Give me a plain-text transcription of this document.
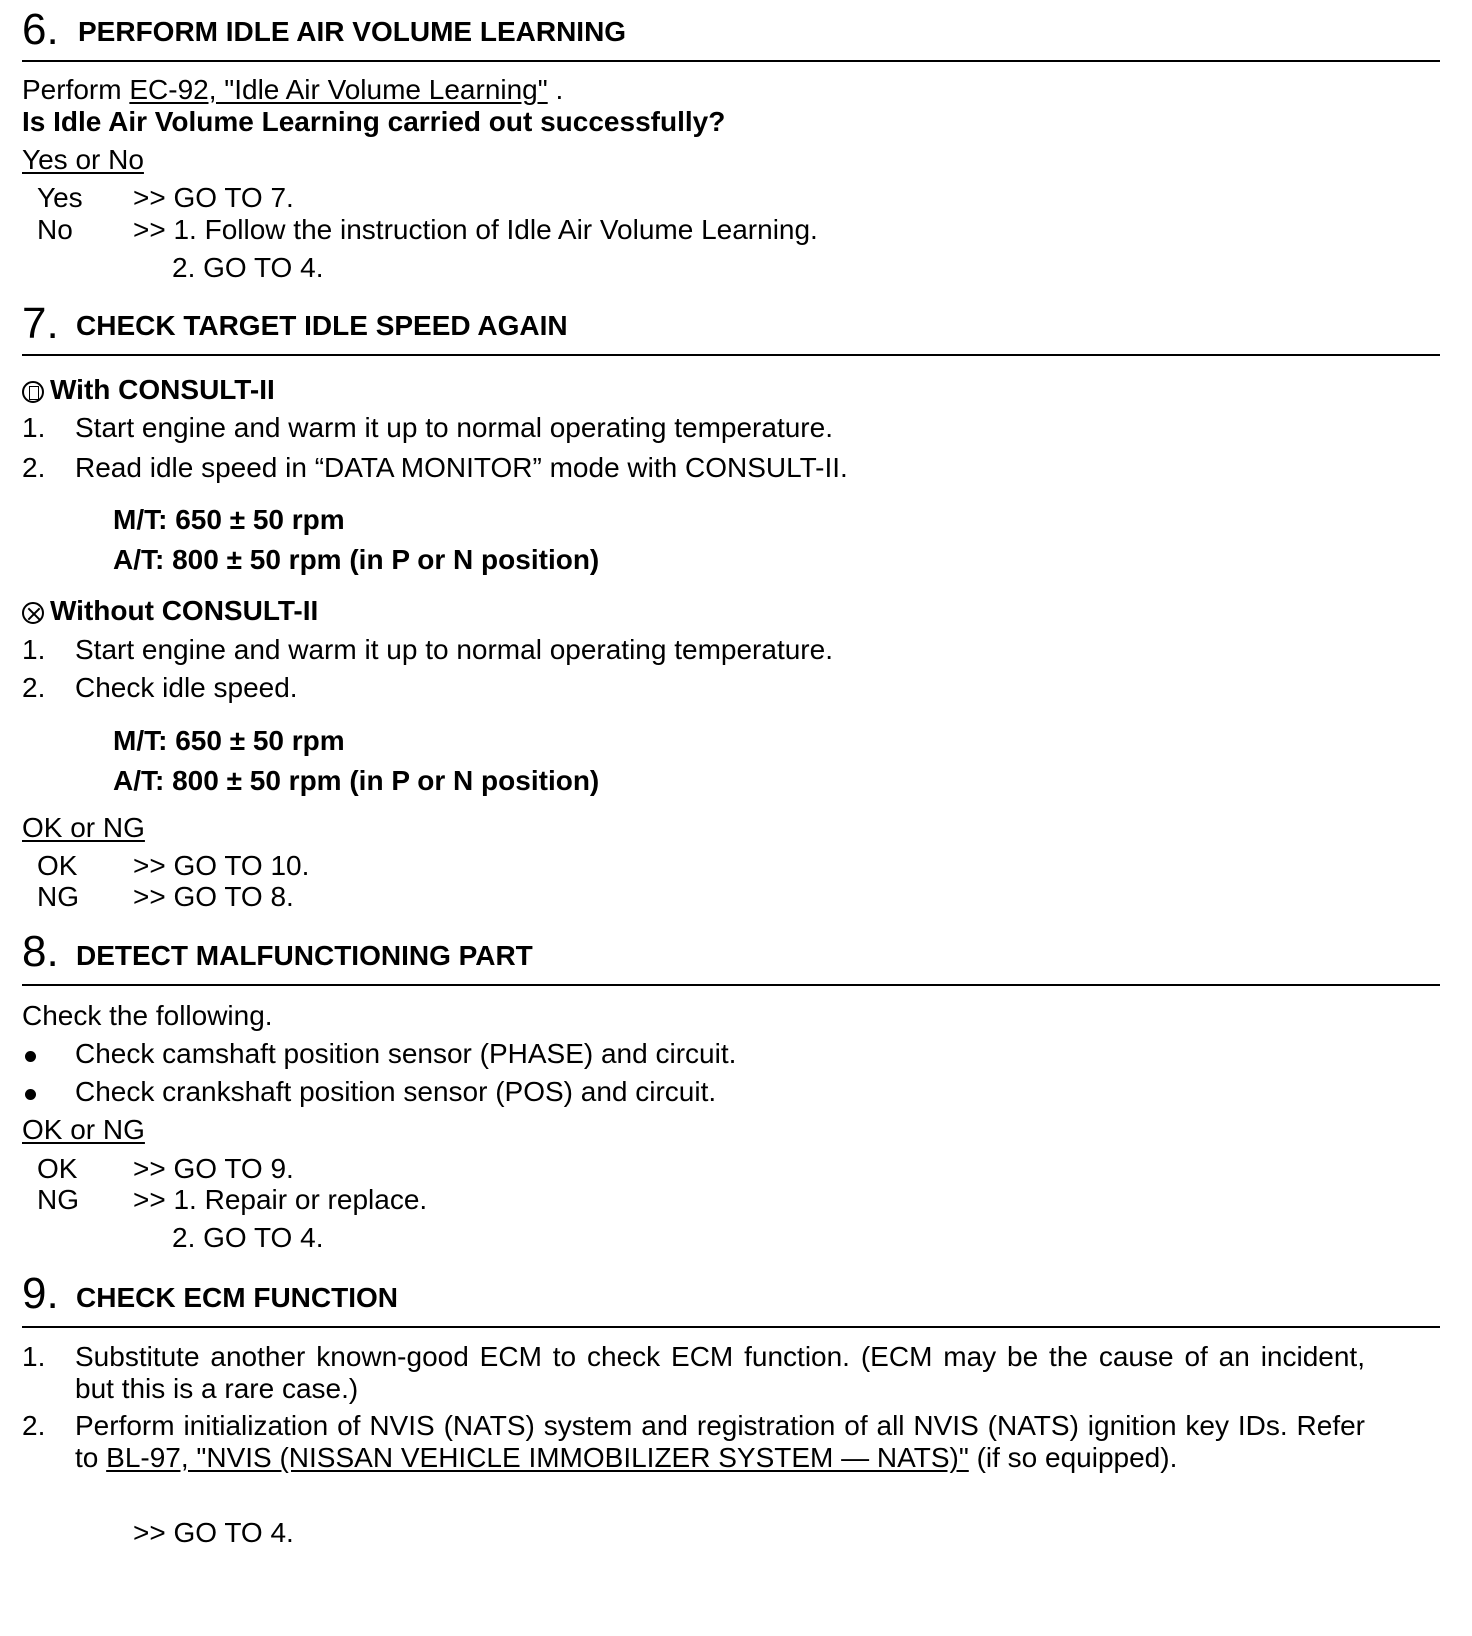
6. PERFORM IDLE AIR VOLUME LEARNING
Perform EC-92, "Idle Air Volume Learning" .
Is Idle Air Volume Learning carried out successfully?
Yes or No
Yes >> GO TO 7.
No >> 1. Follow the instruction of Idle Air Volume Learning.
2. GO TO 4.
7. CHECK TARGET IDLE SPEED AGAIN
With CONSULT-II
1. Start engine and warm it up to normal operating temperature.
2. Read idle speed in “DATA MONITOR” mode with CONSULT-II.
M/T: 650 ± 50 rpm
A/T: 800 ± 50 rpm (in P or N position)
Without CONSULT-II
1. Start engine and warm it up to normal operating temperature.
2. Check idle speed.
M/T: 650 ± 50 rpm
A/T: 800 ± 50 rpm (in P or N position)
OK or NG
OK >> GO TO 10.
NG >> GO TO 8.
8. DETECT MALFUNCTIONING PART
Check the following.
Check camshaft position sensor (PHASE) and circuit.
Check crankshaft position sensor (POS) and circuit.
OK or NG
OK >> GO TO 9.
NG >> 1. Repair or replace.
2. GO TO 4.
9. CHECK ECM FUNCTION
1. Substitute another known-good ECM to check ECM function. (ECM may be the cause of an incident, but this is a rare case.)
2. Perform initialization of NVIS (NATS) system and registration of all NVIS (NATS) ignition key IDs. Refer to BL-97, "NVIS (NISSAN VEHICLE IMMOBILIZER SYSTEM — NATS)" (if so equipped).
>> GO TO 4.
